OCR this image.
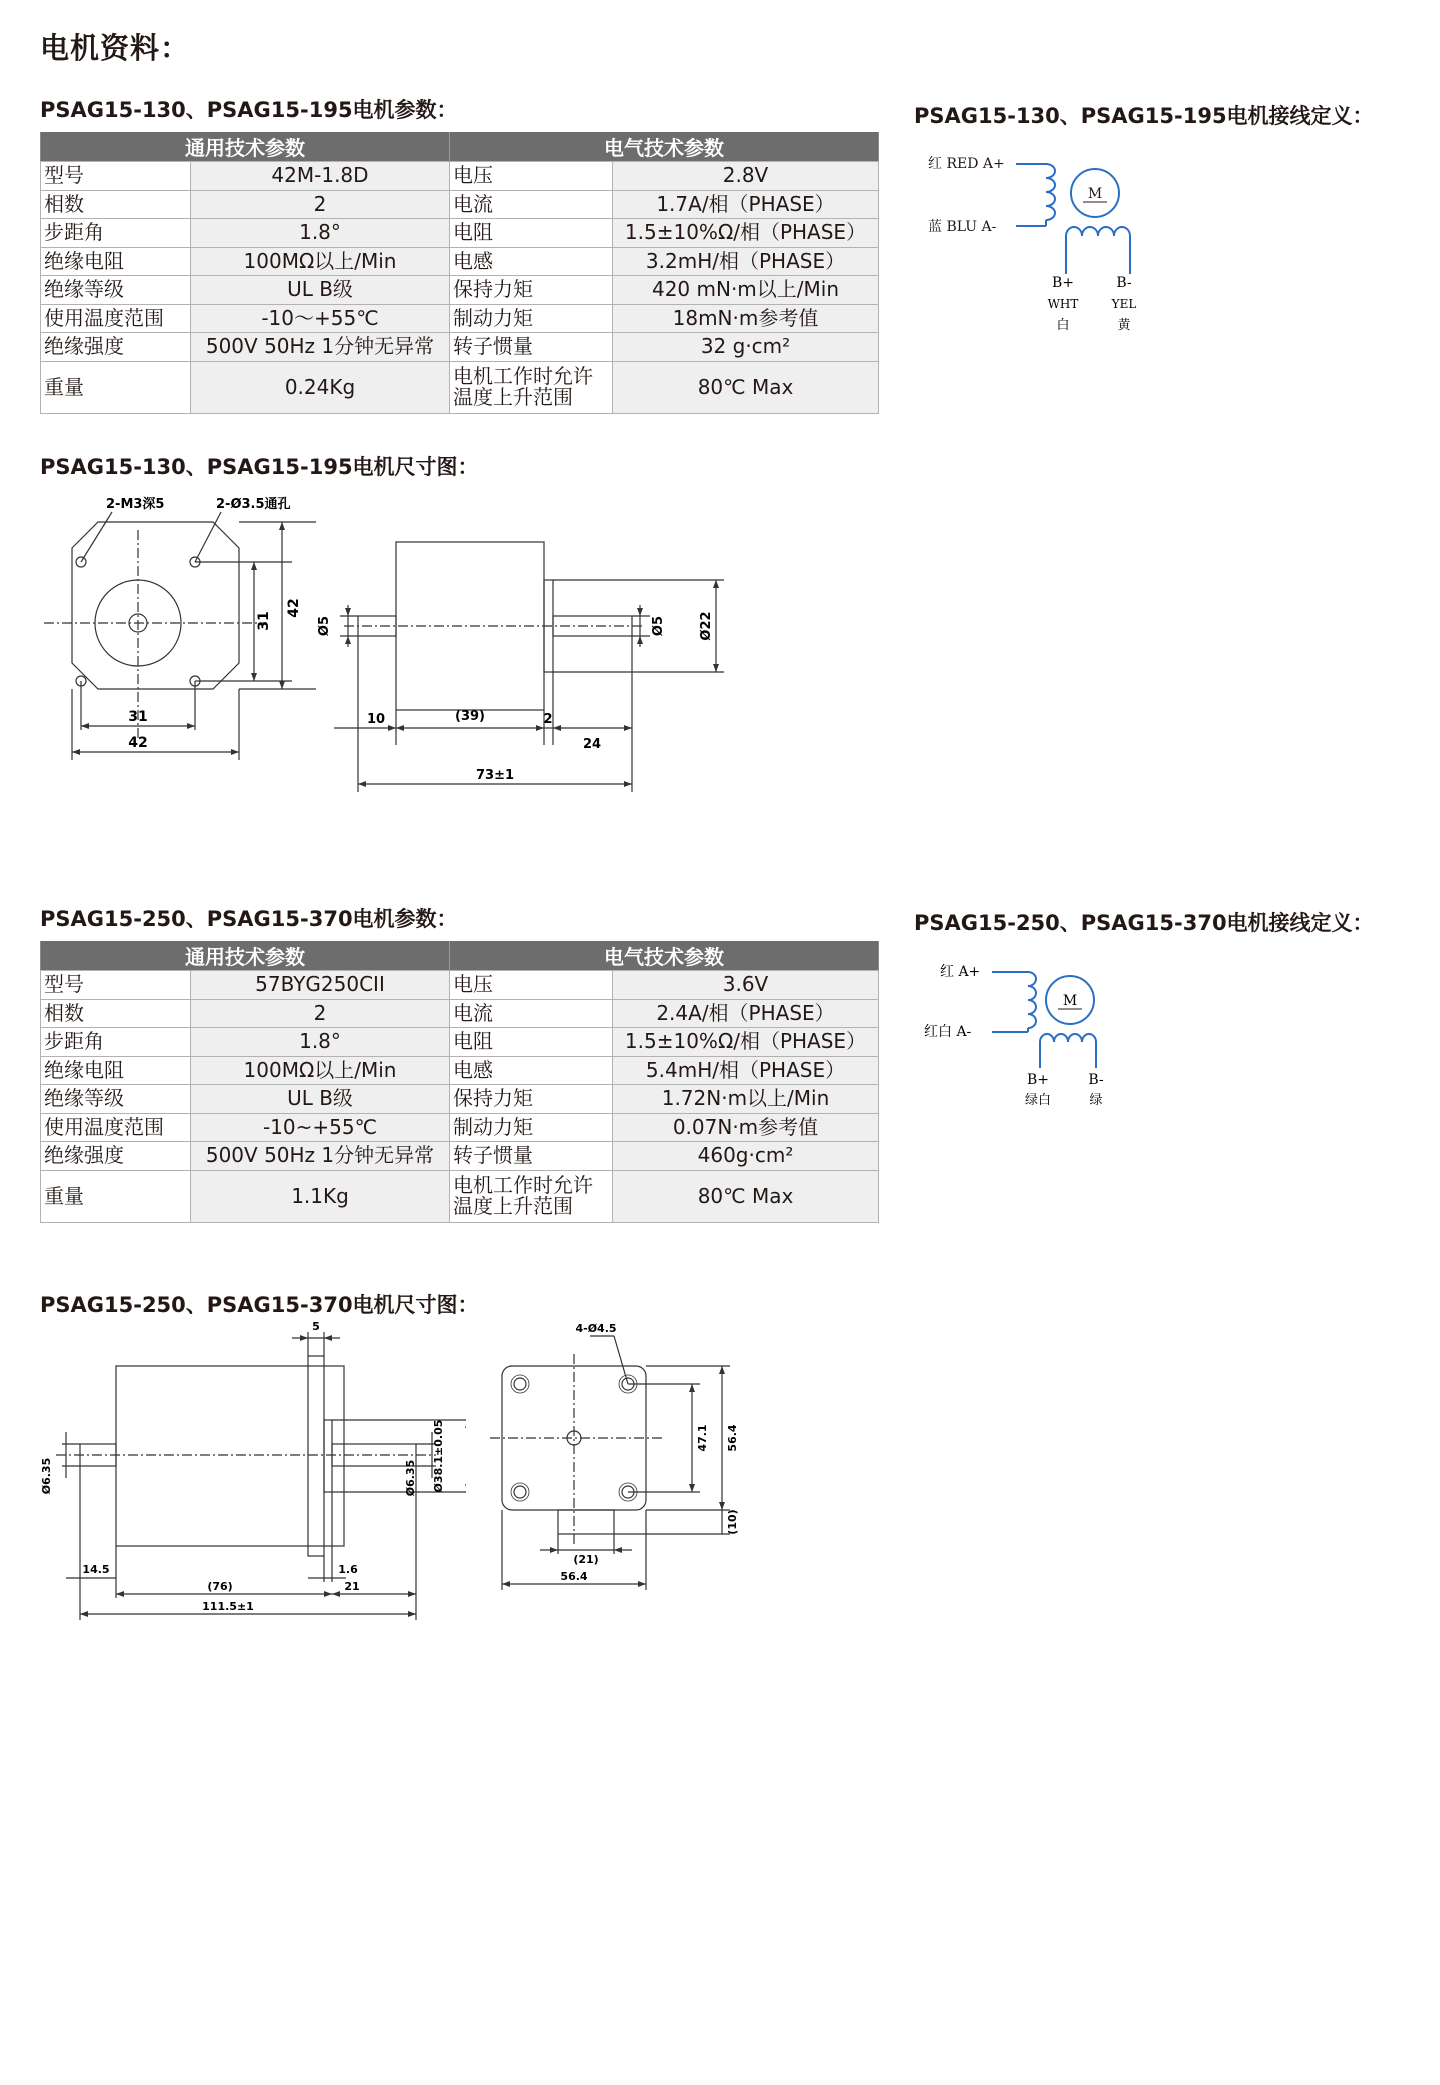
电机资料：
PSAG15-130、PSAG15-195电机参数：	PSAG15-130、PSAG15-195电机接线定义：
通用技术参数		电气技术参数	
型号	42M-1.8D	电压	2.8V
相数	2	电流	1.7A/相（PHASE）
步距角	1.8°	电阻	1.5±10%Ω/相（PHASE）
绝缘电阻	100MΩ以上/Min	电感	3.2mH/相（PHASE）
绝缘等级	UL B级	保持力矩	420 mN·m以上/Min
使用温度范围	-10～+55℃	制动力矩	18mN·m参考值
绝缘强度	500V 50Hz 1分钟无异常	转子惯量	32 g·cm²
重量	0.24Kg	电机工作时允许温度上升范围	80℃ Max
红 RED A+
蓝 BLU A-
M
B+
WHT
白
B-
YEL
黄
PSAG15-130、PSAG15-195电机尺寸图：
2-M3深5	2-Ø3.5通孔
31
42
31
42
Ø5	Ø5	Ø22
10	(39)	2
24
73±1
PSAG15-250、PSAG15-370电机参数：	PSAG15-250、PSAG15-370电机接线定义：
通用技术参数		电气技术参数	
型号	57BYG250CII	电压	3.6V
相数	2	电流	2.4A/相（PHASE）
步距角	1.8°	电阻	1.5±10%Ω/相（PHASE）
绝缘电阻	100MΩ以上/Min	电感	5.4mH/相（PHASE）
绝缘等级	UL B级	保持力矩	1.72N·m以上/Min
使用温度范围	-10~+55℃	制动力矩	0.07N·m参考值
绝缘强度	500V 50Hz 1分钟无异常	转子惯量	460g·cm²
重量	1.1Kg	电机工作时允许温度上升范围	80℃ Max
红 A+
红白 A-
M
B+
绿白
B-
绿
PSAG15-250、PSAG15-370电机尺寸图：
5
Ø6.35	Ø6.35 Ø38.1±0.05
14.5
(76)
1.6
21
111.5±1
4-Ø4.5
47.1 56.4
(10)
(21)
56.4
